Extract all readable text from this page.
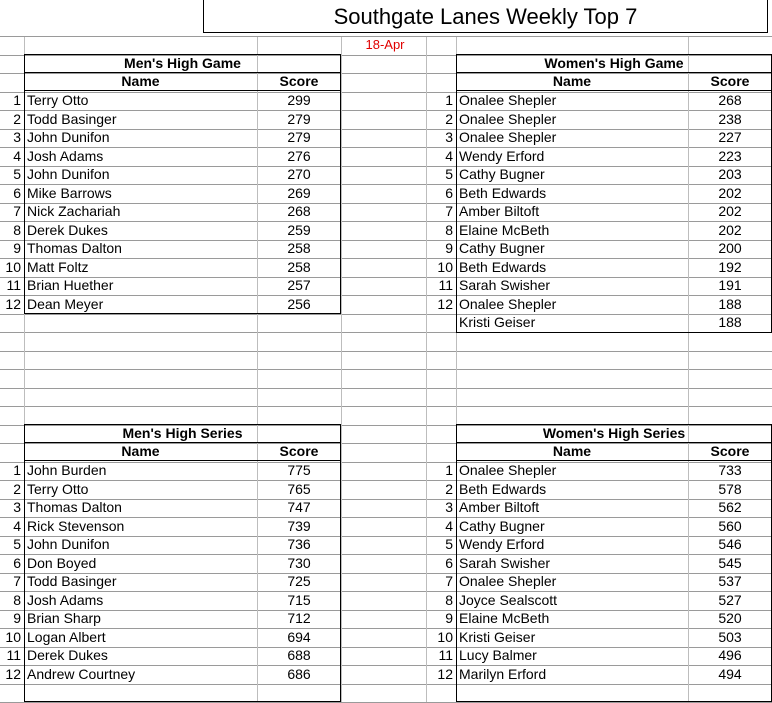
Southgate Lanes Weekly Top 7
18-Apr
Men's High Game
Name	Score
1 Terry Otto	299
2 Todd Basinger	279
3 John Dunifon	279
4 Josh Adams	276
5 John Dunifon	270
6 Mike Barrows	269
7 Nick Zachariah	268
8 Derek Dukes	259
9 Thomas Dalton	258
10 Matt Foltz	258
11 Brian Huether	257
12 Dean Meyer	256
Women's High Game
Name	Score
1 Onalee Shepler	268
2 Onalee Shepler	238
3 Onalee Shepler	227
4 Wendy Erford	223
5 Cathy Bugner	203
6 Beth Edwards	202
7 Amber Biltoft	202
8 Elaine McBeth	202
9 Cathy Bugner	200
10 Beth Edwards	192
11 Sarah Swisher	191
12 Onalee Shepler	188
Kristi Geiser	188
Men's High Series
Name	Score
1 John Burden	775
2 Terry Otto	765
3 Thomas Dalton	747
4 Rick Stevenson	739
5 John Dunifon	736
6 Don Boyed	730
7 Todd Basinger	725
8 Josh Adams	715
9 Brian Sharp	712
10 Logan Albert	694
11 Derek Dukes	688
12 Andrew Courtney	686
Women's High Series
Name	Score
1 Onalee Shepler	733
2 Beth Edwards	578
3 Amber Biltoft	562
4 Cathy Bugner	560
5 Wendy Erford	546
6 Sarah Swisher	545
7 Onalee Shepler	537
8 Joyce Sealscott	527
9 Elaine McBeth	520
10 Kristi Geiser	503
11 Lucy Balmer	496
12 Marilyn Erford	494
